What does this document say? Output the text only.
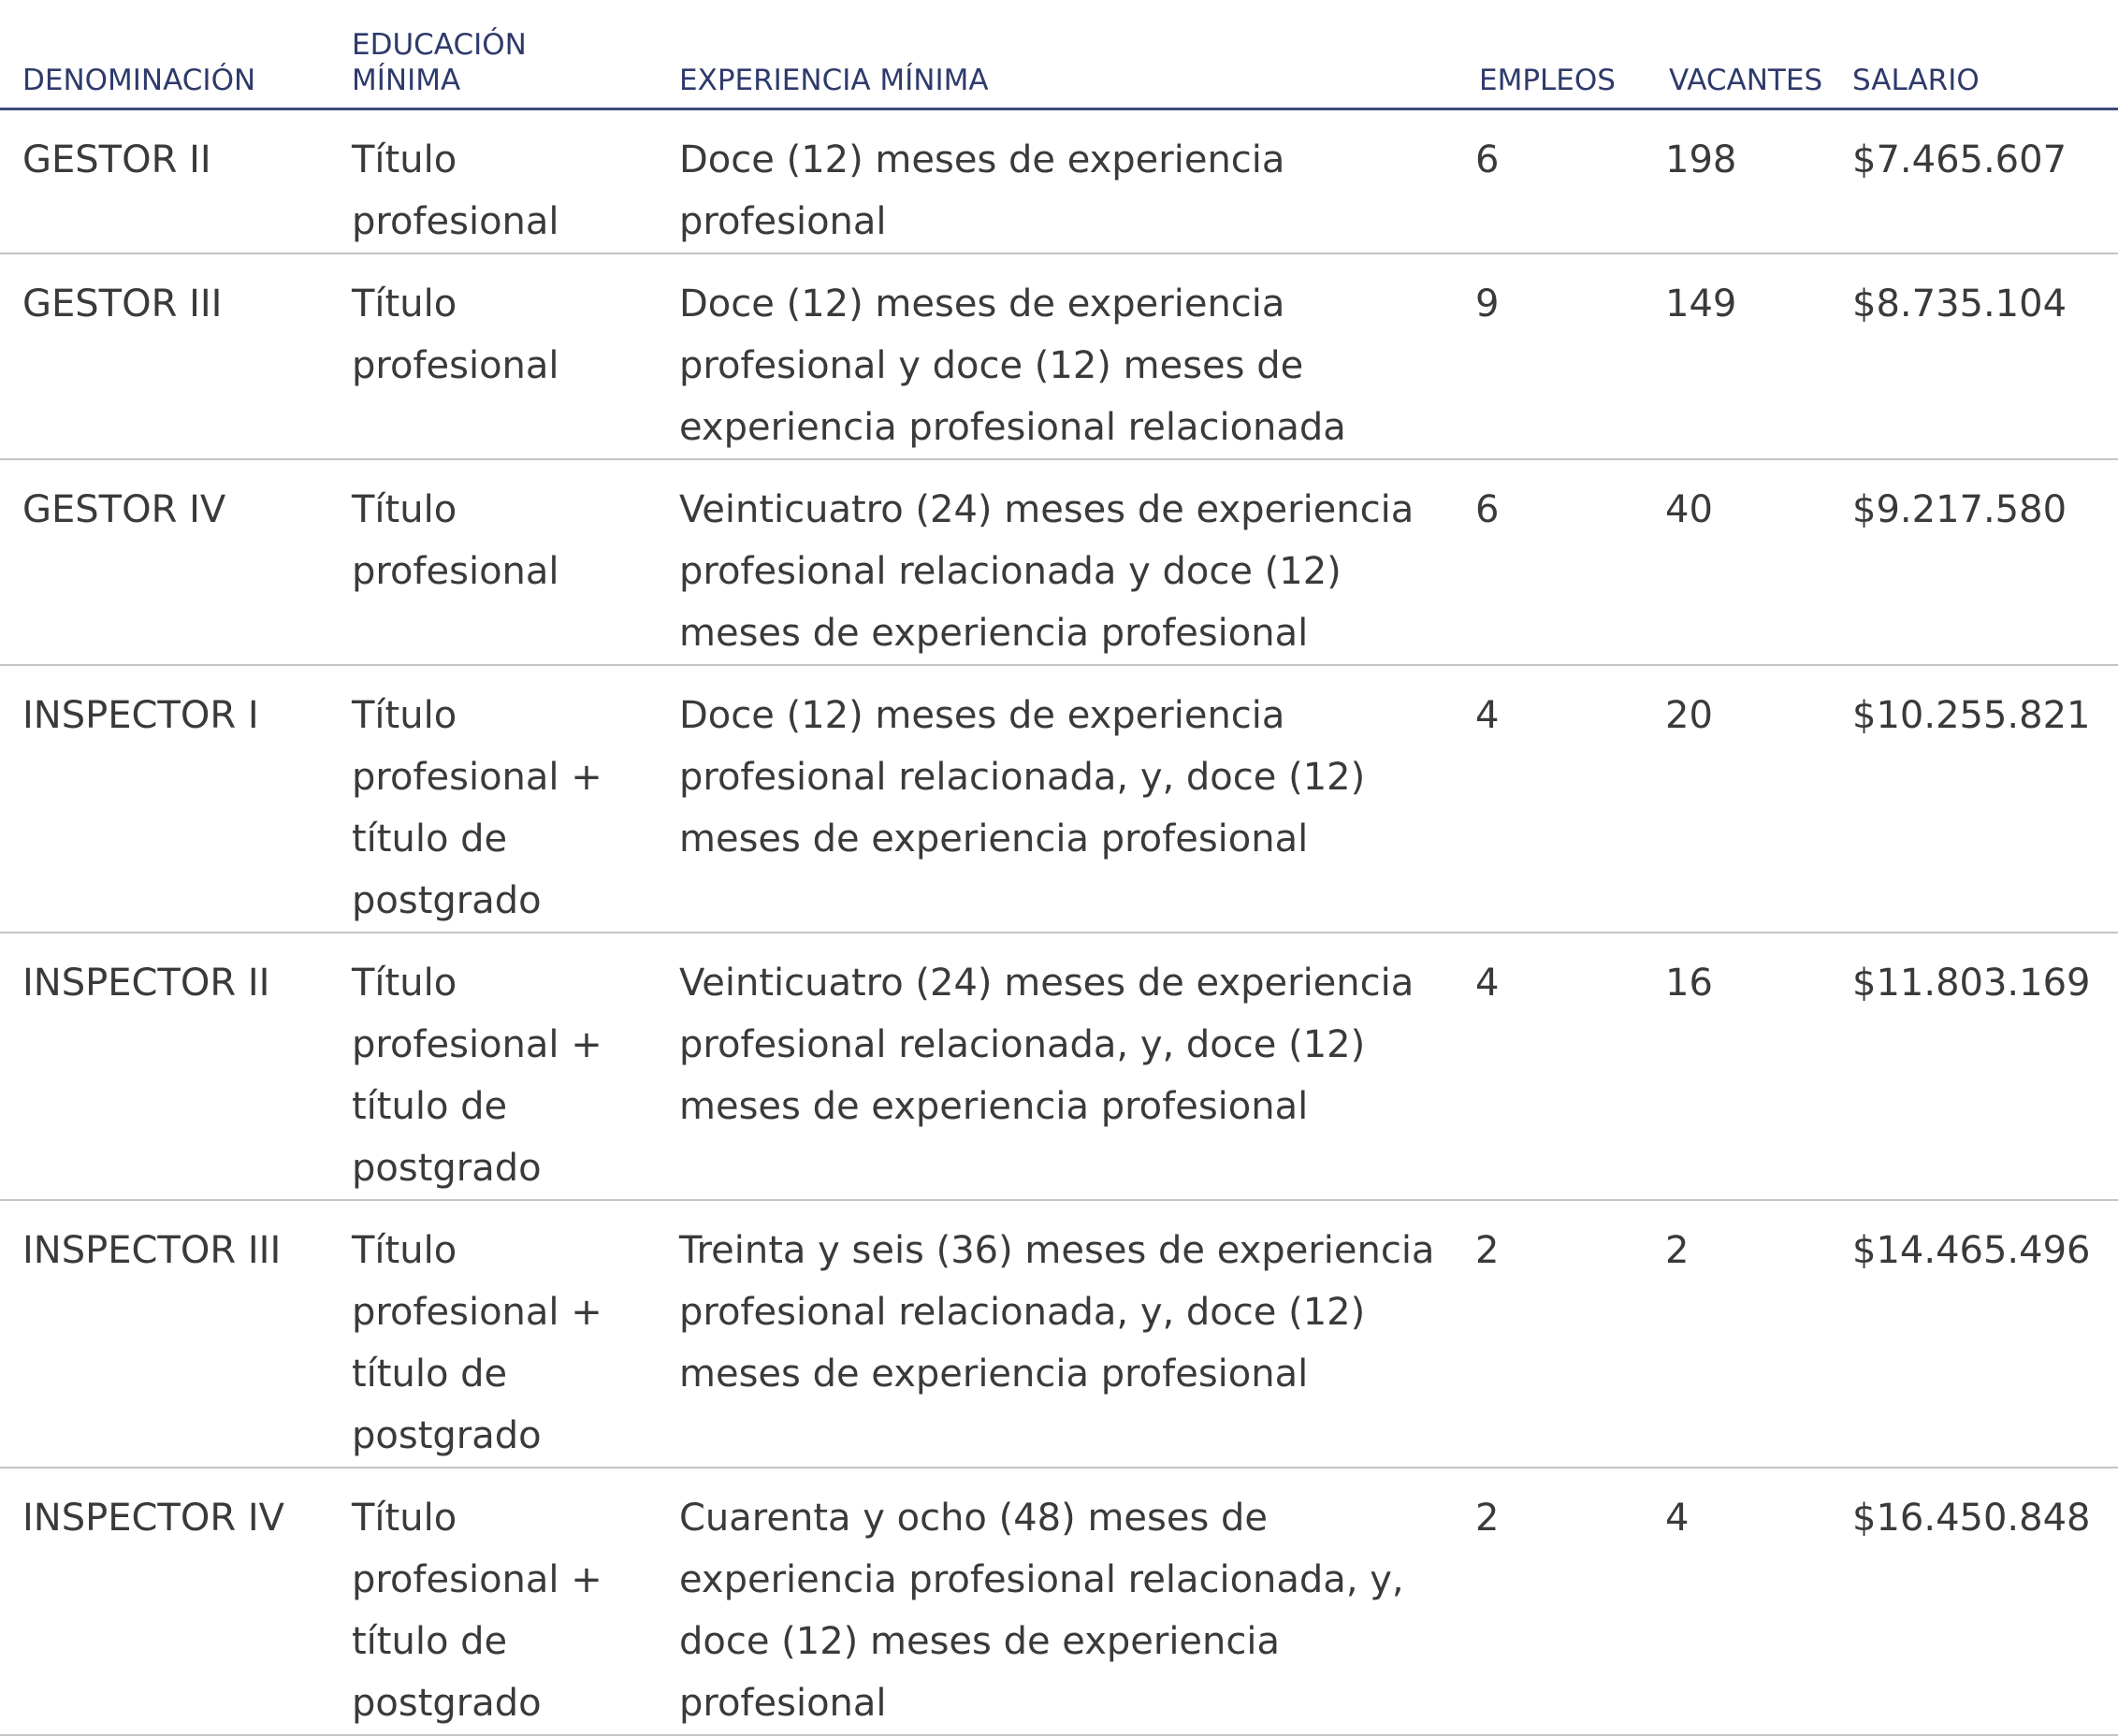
DENOMINACIÓN	EDUCACIÓN MÍNIMA	EXPERIENCIA MÍNIMA	EMPLEOS	VACANTES	SALARIO
GESTOR II	Título profesional	Doce (12) meses de experiencia profesional	6	198	$7.465.607
GESTOR III	Título profesional	Doce (12) meses de experiencia profesional y doce (12) meses de experiencia profesional relacionada	9	149	$8.735.104
GESTOR IV	Título profesional	Veinticuatro (24) meses de experiencia profesional relacionada y doce (12) meses de experiencia profesional	6	40	$9.217.580
INSPECTOR I	Título profesional + título de postgrado	Doce (12) meses de experiencia profesional relacionada, y, doce (12) meses de experiencia profesional	4	20	$10.255.821
INSPECTOR II	Título profesional + título de postgrado	Veinticuatro (24) meses de experiencia profesional relacionada, y, doce (12) meses de experiencia profesional	4	16	$11.803.169
INSPECTOR III	Título profesional + título de postgrado	Treinta y seis (36) meses de experiencia profesional relacionada, y, doce (12) meses de experiencia profesional	2	2	$14.465.496
INSPECTOR IV	Título profesional + título de postgrado	Cuarenta y ocho (48) meses de experiencia profesional relacionada, y, doce (12) meses de experiencia profesional	2	4	$16.450.848
